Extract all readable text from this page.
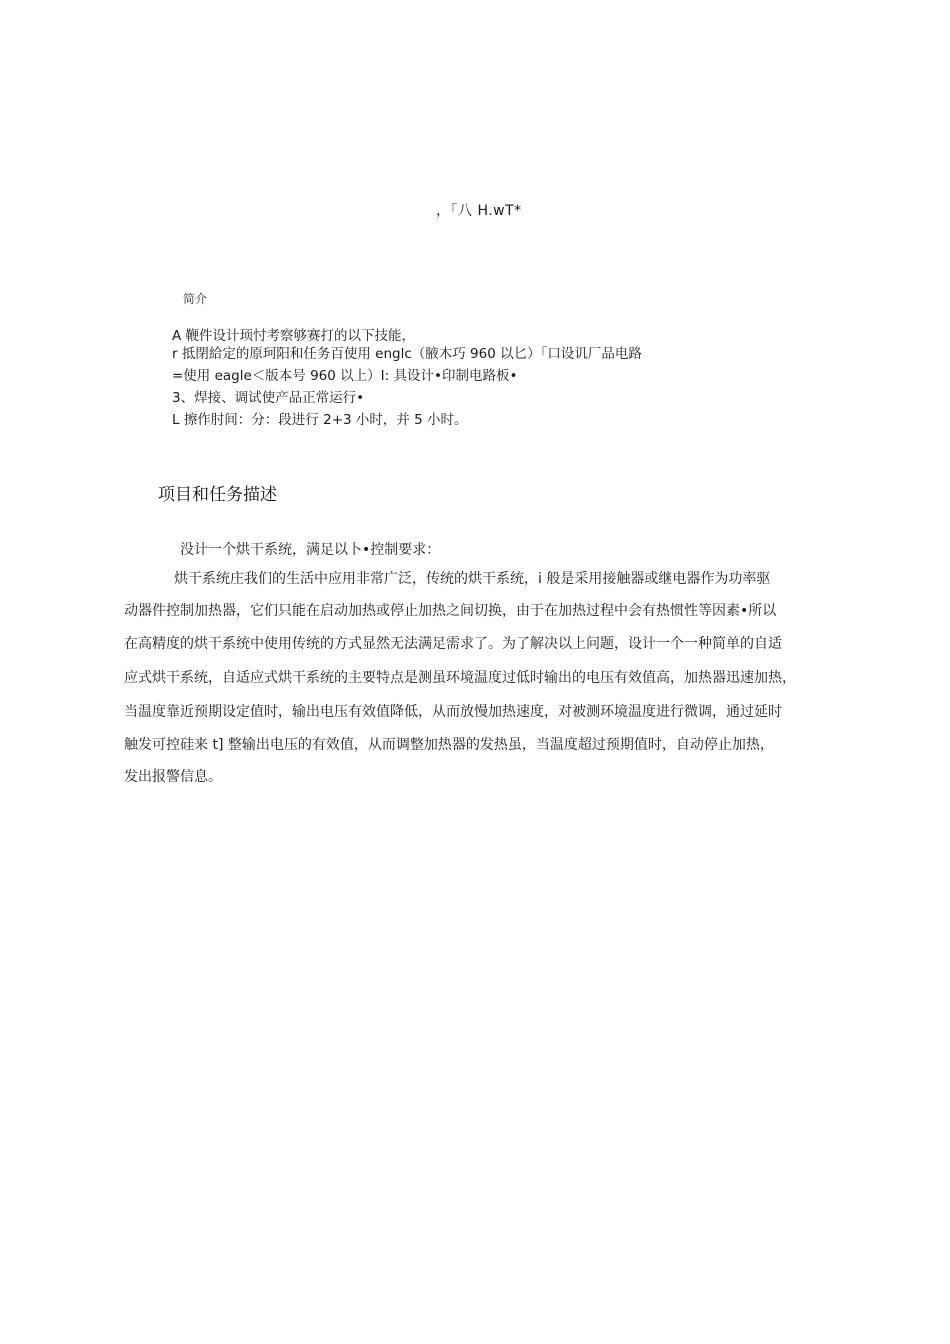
，「八 H.wT*
简介
A 鞭件设计顼忖考察够赛打的以下技能，
r 抵閉給定的原珂阳和任务百使用 englc（腋木巧 960 以匕）「口设讥厂品电路
=使用 eagle＜版本号 960 以上）I: 具设计•印制电路板•
3、焊接、调试使产品正常运行•
L 擦作肘间：分：段进行 2+3 小时，并 5 小时。
项目和任务描述
没计一个烘干系统，满足以卜•控制要求：
烘干系统庄我们的生活中应用非常广泛，传统的烘干系统，i 般是采用接触器或继电器作为功率驱
动器件控制加热器，它们只能在启动加热或停止加热之间切换，由于在加热过程中会有热惯性等因素•所以
在高精度的烘干系统中使用传统的方式显然无法满足需求了。为了解决以上问题，设计一个一种简单的自适
应式烘干系统，自适应式烘干系统的主要特点是测虽环境温度过低时输出的电压有效值高，加热器迅速加热，
当温度靠近预期设定值时，输出电压有效值降低，从而放慢加热速度，对被测环境温度进行微调，通过延时
触发可控硅来 t] 整输出电压的有效值，从而调整加热器的发热虽，当温度超过预期值时，自动停止加热，
发出报警信息。
